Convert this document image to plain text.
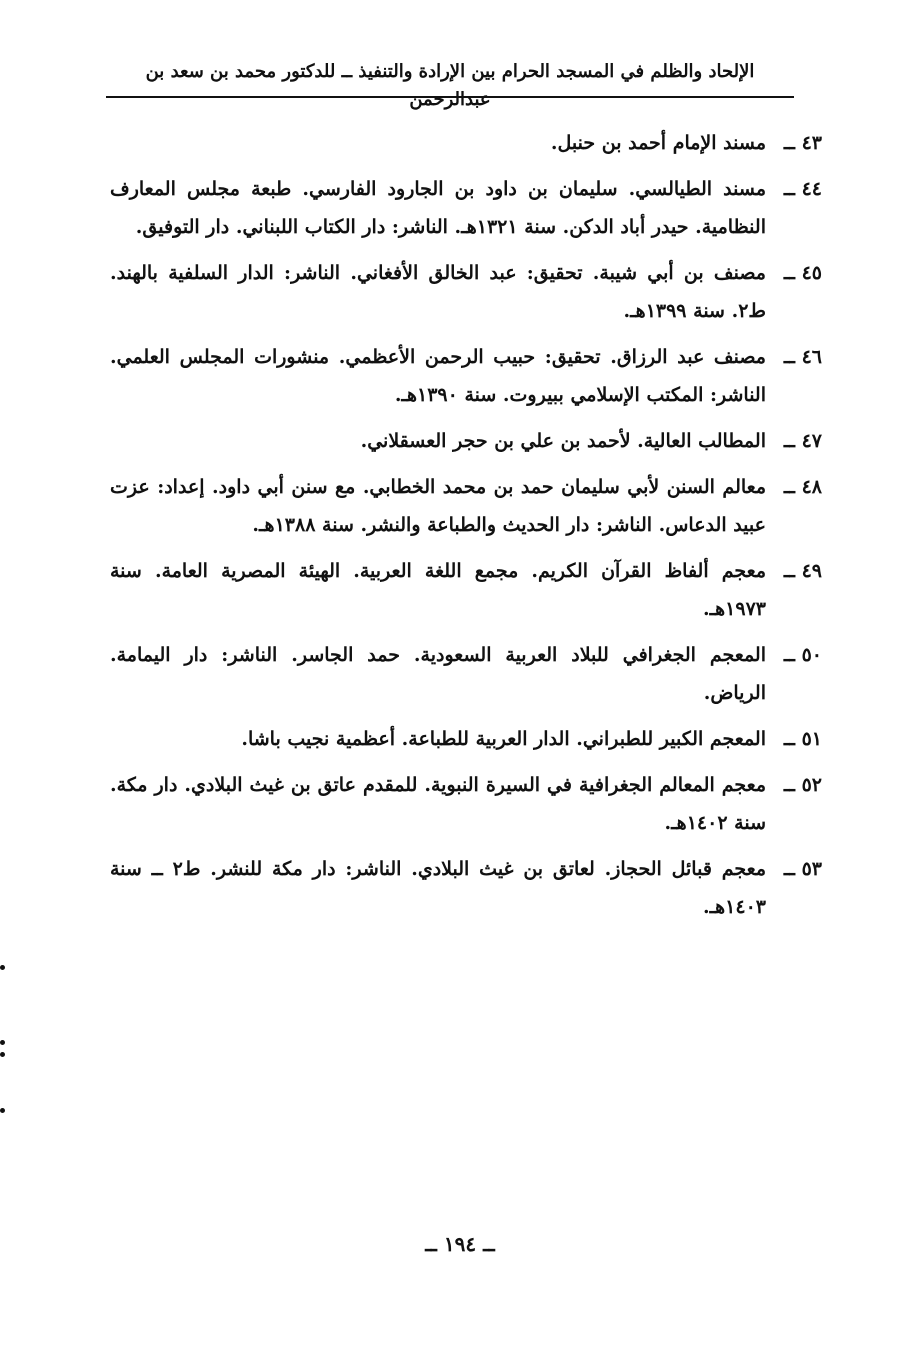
الإلحاد والظلم في المسجد الحرام بين الإرادة والتنفيذ ــ للدكتور محمد بن سعد بن عبدالرحمن
٤٣ ــ
مسند الإمام أحمد بن حنبل.
٤٤ ــ
مسند الطيالسي. سليمان بن داود بن الجارود الفارسي. طبعة مجلس المعارف النظامية. حيدر أباد الدكن. سنة ١٣٢١هـ. الناشر: دار الكتاب اللبناني. دار التوفيق.
٤٥ ــ
مصنف بن أبي شيبة. تحقيق: عبد الخالق الأفغاني. الناشر: الدار السلفية بالهند. ط٢. سنة ١٣٩٩هـ.
٤٦ ــ
مصنف عبد الرزاق. تحقيق: حبيب الرحمن الأعظمي. منشورات المجلس العلمي. الناشر: المكتب الإسلامي ببيروت. سنة ١٣٩٠هـ.
٤٧ ــ
المطالب العالية. لأحمد بن علي بن حجر العسقلاني.
٤٨ ــ
معالم السنن لأبي سليمان حمد بن محمد الخطابي. مع سنن أبي داود. إعداد: عزت عبيد الدعاس. الناشر: دار الحديث والطباعة والنشر. سنة ١٣٨٨هـ.
٤٩ ــ
معجم ألفاظ القرآن الكريم. مجمع اللغة العربية. الهيئة المصرية العامة. سنة ١٩٧٣هـ.
٥٠ ــ
المعجم الجغرافي للبلاد العربية السعودية. حمد الجاسر. الناشر: دار اليمامة. الرياض.
٥١ ــ
المعجم الكبير للطبراني. الدار العربية للطباعة. أعظمية نجيب باشا.
٥٢ ــ
معجم المعالم الجغرافية في السيرة النبوية. للمقدم عاتق بن غيث البلادي. دار مكة. سنة ١٤٠٢هـ.
٥٣ ــ
معجم قبائل الحجاز. لعاتق بن غيث البلادي. الناشر: دار مكة للنشر. ط٢ ــ سنة ١٤٠٣هـ.
ــ ١٩٤ ــ
